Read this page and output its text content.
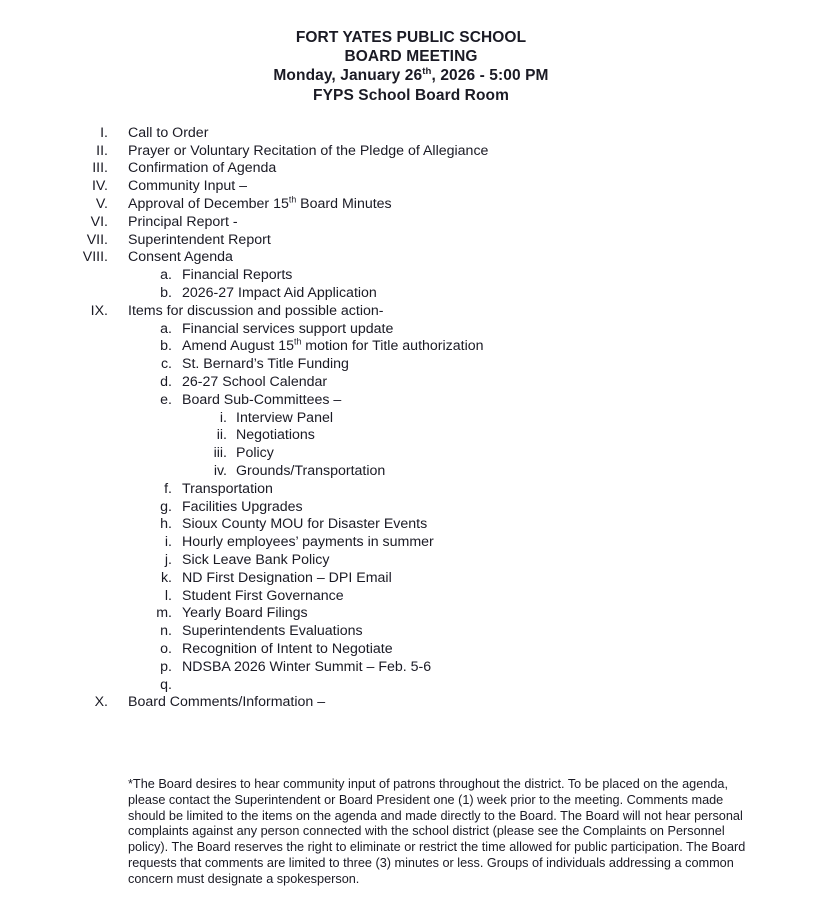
FORT YATES PUBLIC SCHOOL
BOARD MEETING
Monday, January 26th, 2026 - 5:00 PM
FYPS School Board Room
I. Call to Order
II. Prayer or Voluntary Recitation of the Pledge of Allegiance
III. Confirmation of Agenda
IV. Community Input –
V. Approval of December 15th Board Minutes
VI. Principal Report -
VII. Superintendent Report
VIII. Consent Agenda
a. Financial Reports
b. 2026-27 Impact Aid Application
IX. Items for discussion and possible action-
a. Financial services support update
b. Amend August 15th motion for Title authorization
c. St. Bernard’s Title Funding
d. 26-27 School Calendar
e. Board Sub-Committees –
i. Interview Panel
ii. Negotiations
iii. Policy
iv. Grounds/Transportation
f. Transportation
g. Facilities Upgrades
h. Sioux County MOU for Disaster Events
i. Hourly employees’ payments in summer
j. Sick Leave Bank Policy
k. ND First Designation – DPI Email
l. Student First Governance
m. Yearly Board Filings
n. Superintendents Evaluations
o. Recognition of Intent to Negotiate
p. NDSBA 2026 Winter Summit – Feb. 5-6
q.
X. Board Comments/Information –

*The Board desires to hear community input of patrons throughout the district. To be placed on the agenda, please contact the Superintendent or Board President one (1) week prior to the meeting. Comments made should be limited to the items on the agenda and made directly to the Board. The Board will not hear personal complaints against any person connected with the school district (please see the Complaints on Personnel policy). The Board reserves the right to eliminate or restrict the time allowed for public participation. The Board requests that comments are limited to three (3) minutes or less. Groups of individuals addressing a common concern must designate a spokesperson.
